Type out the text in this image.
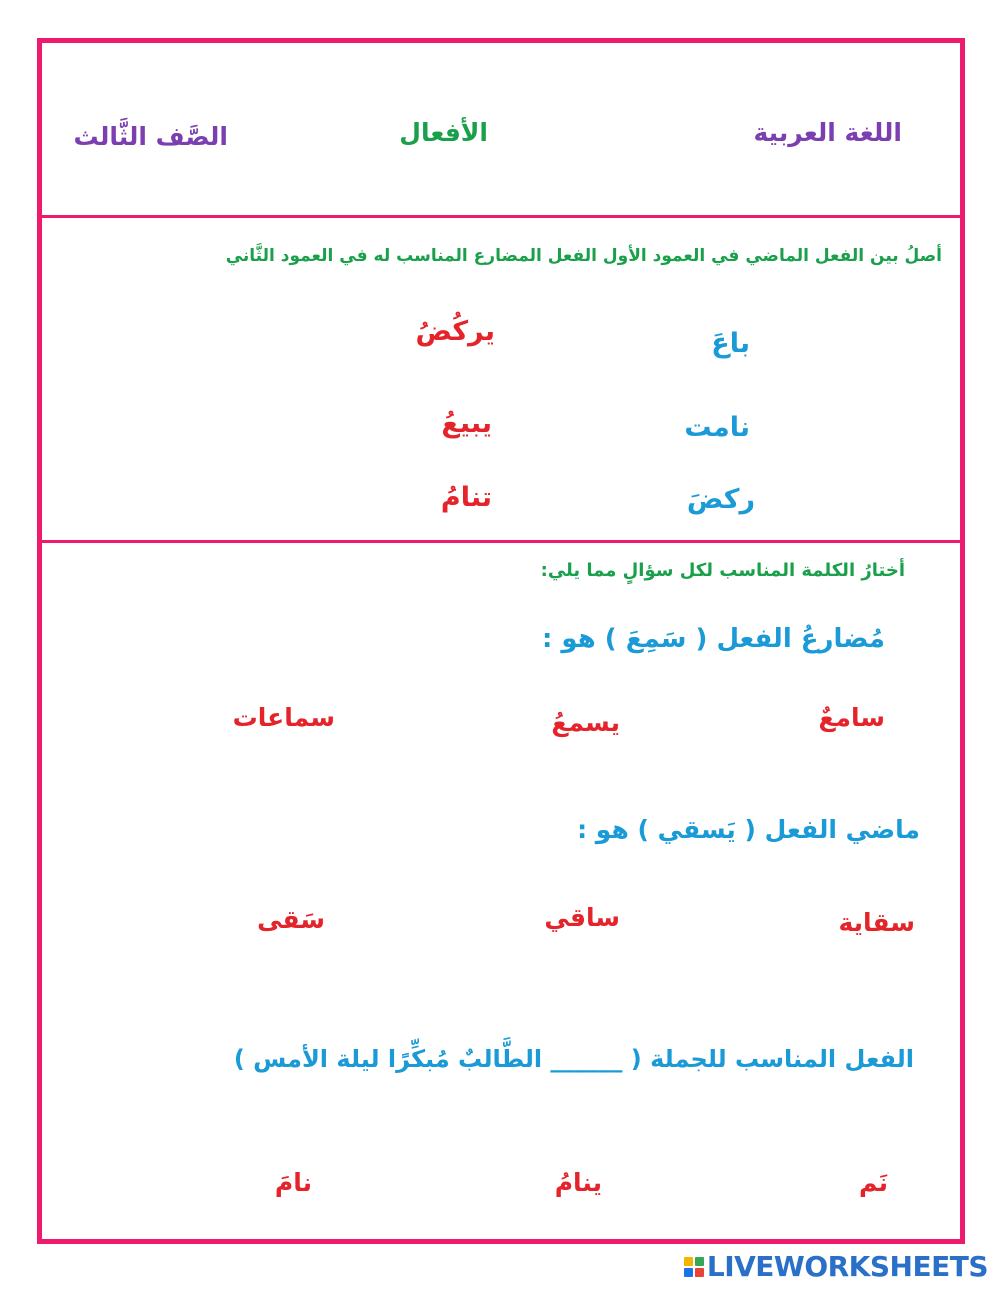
اللغة العربية
الأفعال
الصَّف الثَّالث
أصلُ بين الفعل الماضي في العمود الأول الفعل المضارع المناسب له في العمود الثَّاني
باعَ
نامت
ركضَ
يركُضُ
يبيعُ
تنامُ
أختارُ الكلمة المناسب لكل سؤالٍ مما يلي:
مُضارعُ الفعل ( سَمِعَ ) هو :
سامعٌ
يسمعُ
سماعات
ماضي الفعل ( يَسقي ) هو :
سقاية
ساقي
سَقى
الفعل المناسب للجملة ( ______ الطَّالبٌ مُبكِّرًا ليلة الأمس )
نَم
ينامُ
نامَ
LIVEWORKSHEETS
